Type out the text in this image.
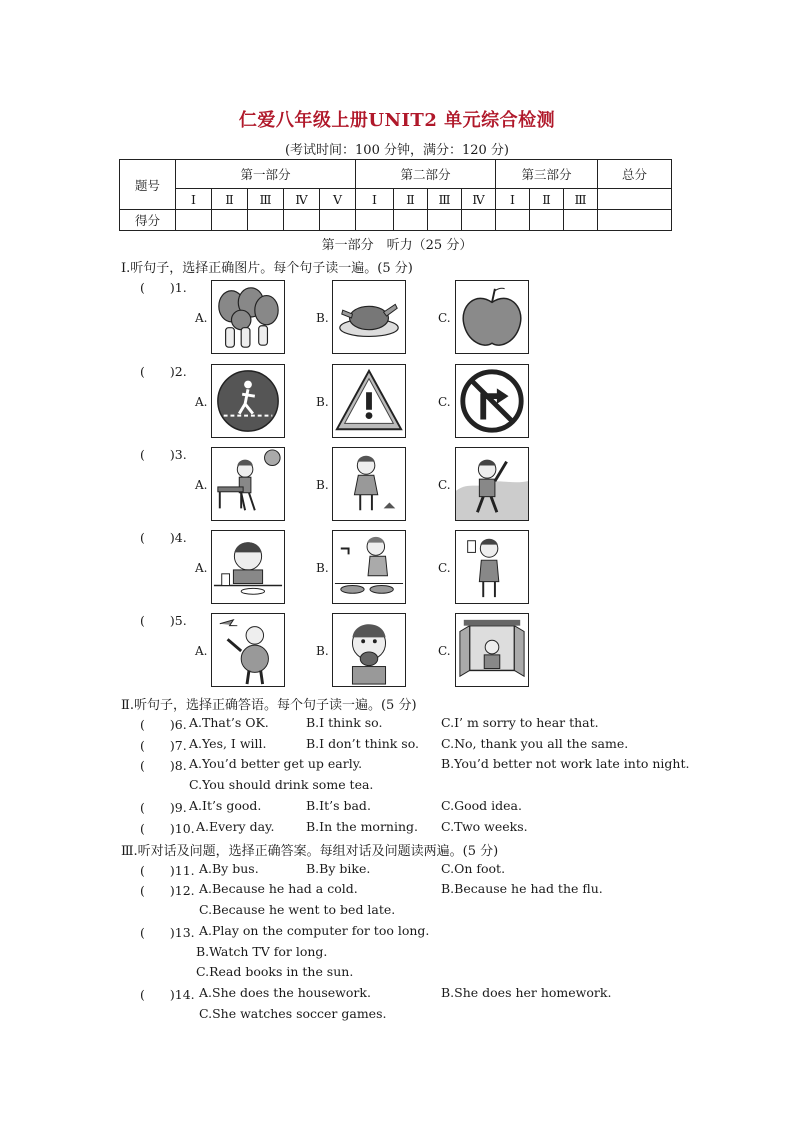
仁爱八年级上册UNIT2 单元综合检测
(考试时间：100 分钟，满分：120 分)
题号	第一部分					第二部分				第三部分			总分
	Ⅰ	Ⅱ	Ⅲ	Ⅳ	Ⅴ	Ⅰ	Ⅱ	Ⅲ	Ⅳ	Ⅰ	Ⅱ	Ⅲ	
得分													
第一部分　听力（25 分）
Ⅰ.听句子，选择正确图片。每个句子读一遍。(5 分)
(　　)1.
A.	B.	C.
(　　)2.
A.	B.	C.
(　　)3.
A.	B.	C.
(　　)4.
A.	B.	C.
(　　)5.
A.	B.	C.
Ⅱ.听句子，选择正确答语。每个句子读一遍。(5 分)
(　　)6. A.That’s OK.	B.I think so.	C.I’ m sorry to hear that.
(　　)7. A.Yes, I will.	B.I don’t think so. C.No, thank you all the same.
(　　)8. A.You’d better get up early.	B.You’d better not work late into night.
C.You should drink some tea.
(　　)9. A.It’s good.	B.It’s bad.	C.Good idea.
(　　)10. A.Every day.	B.In the morning. C.Two weeks.
Ⅲ.听对话及问题，选择正确答案。每组对话及问题读两遍。(5 分)
(　　)11. A.By bus.	B.By bike.	C.On foot.
(　　)12. A.Because he had a cold.	B.Because he had the flu.
C.Because he went to bed late.
(　　)13. A.Play on the computer for too long.
B.Watch TV for long.
C.Read books in the sun.
(　　)14. A.She does the housework.	B.She does her homework.
C.She watches soccer games.
